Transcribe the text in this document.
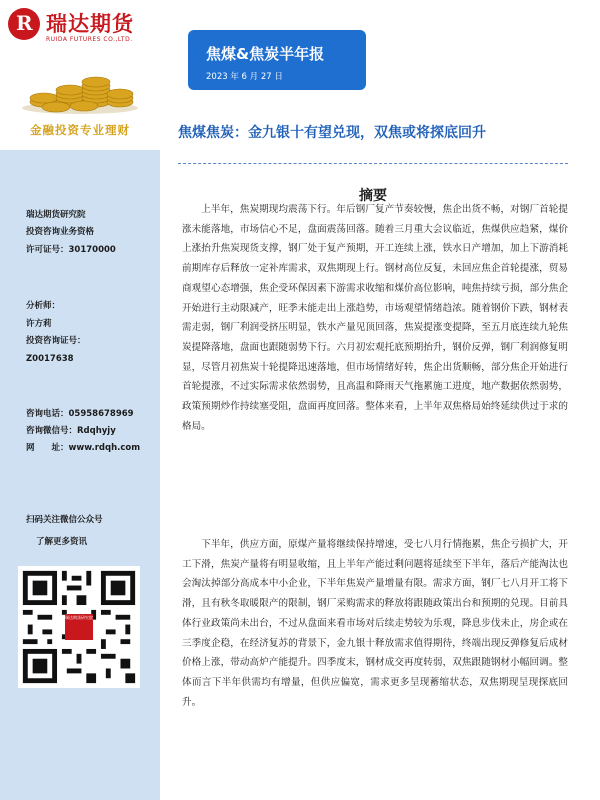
R 瑞达期货
RUIDA FUTURES CO.,LTD.
金融投资专业理财
瑞达期货研究院
投资咨询业务资格
许可证号：30170000
分析师：
许方莉
投资咨询证号：
Z0017638
咨询电话：05958678969
咨询微信号：Rdqhyjy
网　　址：www.rdqh.com
扫码关注微信公众号
了解更多资讯
瑞达期货研究院
焦煤&焦炭半年报
2023 年 6 月 27 日
焦煤焦炭：金九银十有望兑现，双焦或将探底回升
摘要

上半年，焦炭期现均震荡下行。年后钢厂复产节奏较慢，焦企出货不畅，对钢厂首轮提涨未能落地，市场信心不足，盘面震荡回落。随着三月重大会议临近，焦煤供应趋紧，煤价上涨抬升焦炭现货支撑，钢厂处于复产预期，开工连续上涨，铁水日产增加，加上下游消耗前期库存后释放一定补库需求，双焦期现上行。钢材高位反复，未回应焦企首轮提涨，贸易商观望心态增强，焦企受环保因素下游需求收缩和煤价高位影响，吨焦持续亏损，部分焦企开始进行主动限减产，旺季未能走出上涨趋势，市场观望情绪趋浓。随着钢价下跌，钢材表需走弱，钢厂利润受挤压明显，铁水产量见顶回落，焦炭提涨变提降，至五月底连续九轮焦炭提降落地，盘面也跟随弱势下行。六月初宏观托底预期抬升，钢价反弹，钢厂利润修复明显，尽管月初焦炭十轮提降迅速落地，但市场情绪好转，焦企出货顺畅，部分焦企开始进行首轮提涨，不过实际需求依然弱势，且高温和降雨天气拖累施工进度，地产数据依然弱势，政策预期炒作持续塞受阻，盘面再度回落。整体来看，上半年双焦格局始终延续供过于求的格局。

下半年，供应方面，原煤产量将继续保持增速，受七八月行情拖累，焦企亏损扩大，开工下滑，焦炭产量将有明显收缩，且上半年产能过剩问题将延续至下半年，落后产能淘汰也会淘汰掉部分高成本中小企业，下半年焦炭产量增量有限。需求方面，钢厂七八月开工将下滑，且有秋冬取暖限产的限制，钢厂采购需求的释放将跟随政策出台和预期的兑现。目前具体行业政策尚未出台，不过从盘面来看市场对后续走势较为乐观，降息步伐未止，房企或在三季度企稳，在经济复苏的背景下，金九银十释放需求值得期待，终端出现反弹修复后成材价格上涨，带动高炉产能提升。四季度末，钢材成交再度转弱，双焦跟随钢材小幅回调。整体而言下半年供需均有增量，但供应偏宽，需求更多呈现蓄缩状态，双焦期现呈现探底回升。
